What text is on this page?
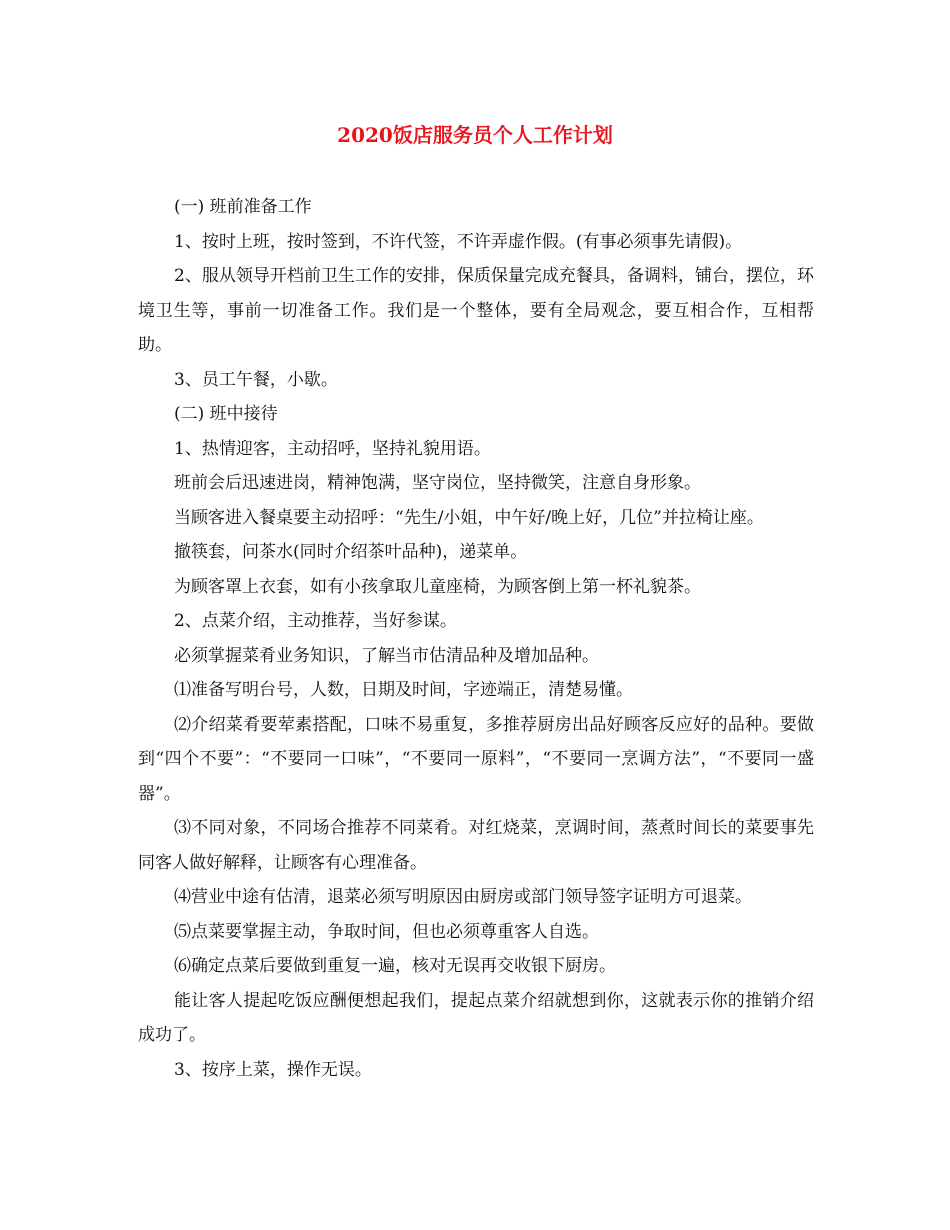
2020饭店服务员个人工作计划

(一) 班前准备工作

1、按时上班，按时签到，不许代签，不许弄虚作假。(有事必须事先请假)。

2、服从领导开档前卫生工作的安排，保质保量完成充餐具，备调料，铺台，摆位，环境卫生等，事前一切准备工作。我们是一个整体，要有全局观念，要互相合作，互相帮助。

3、员工午餐，小歇。

(二) 班中接待

1、热情迎客，主动招呼，坚持礼貌用语。

班前会后迅速进岗，精神饱满，坚守岗位，坚持微笑，注意自身形象。

当顾客进入餐桌要主动招呼：“先生/小姐，中午好/晚上好，几位”并拉椅让座。

撤筷套，问茶水(同时介绍茶叶品种)，递菜单。

为顾客罩上衣套，如有小孩拿取儿童座椅，为顾客倒上第一杯礼貌茶。

2、点菜介绍，主动推荐，当好参谋。

必须掌握菜肴业务知识，了解当市估清品种及增加品种。

⑴准备写明台号，人数，日期及时间，字迹端正，清楚易懂。

⑵介绍菜肴要荤素搭配，口味不易重复，多推荐厨房出品好顾客反应好的品种。要做到“四个不要”：“不要同一口味”，“不要同一原料”，“不要同一烹调方法”，“不要同一盛器”。

⑶不同对象，不同场合推荐不同菜肴。对红烧菜，烹调时间，蒸煮时间长的菜要事先同客人做好解释，让顾客有心理准备。

⑷营业中途有估清，退菜必须写明原因由厨房或部门领导签字证明方可退菜。

⑸点菜要掌握主动，争取时间，但也必须尊重客人自选。

⑹确定点菜后要做到重复一遍，核对无误再交收银下厨房。

能让客人提起吃饭应酬便想起我们，提起点菜介绍就想到你，这就表示你的推销介绍成功了。

3、按序上菜，操作无误。
